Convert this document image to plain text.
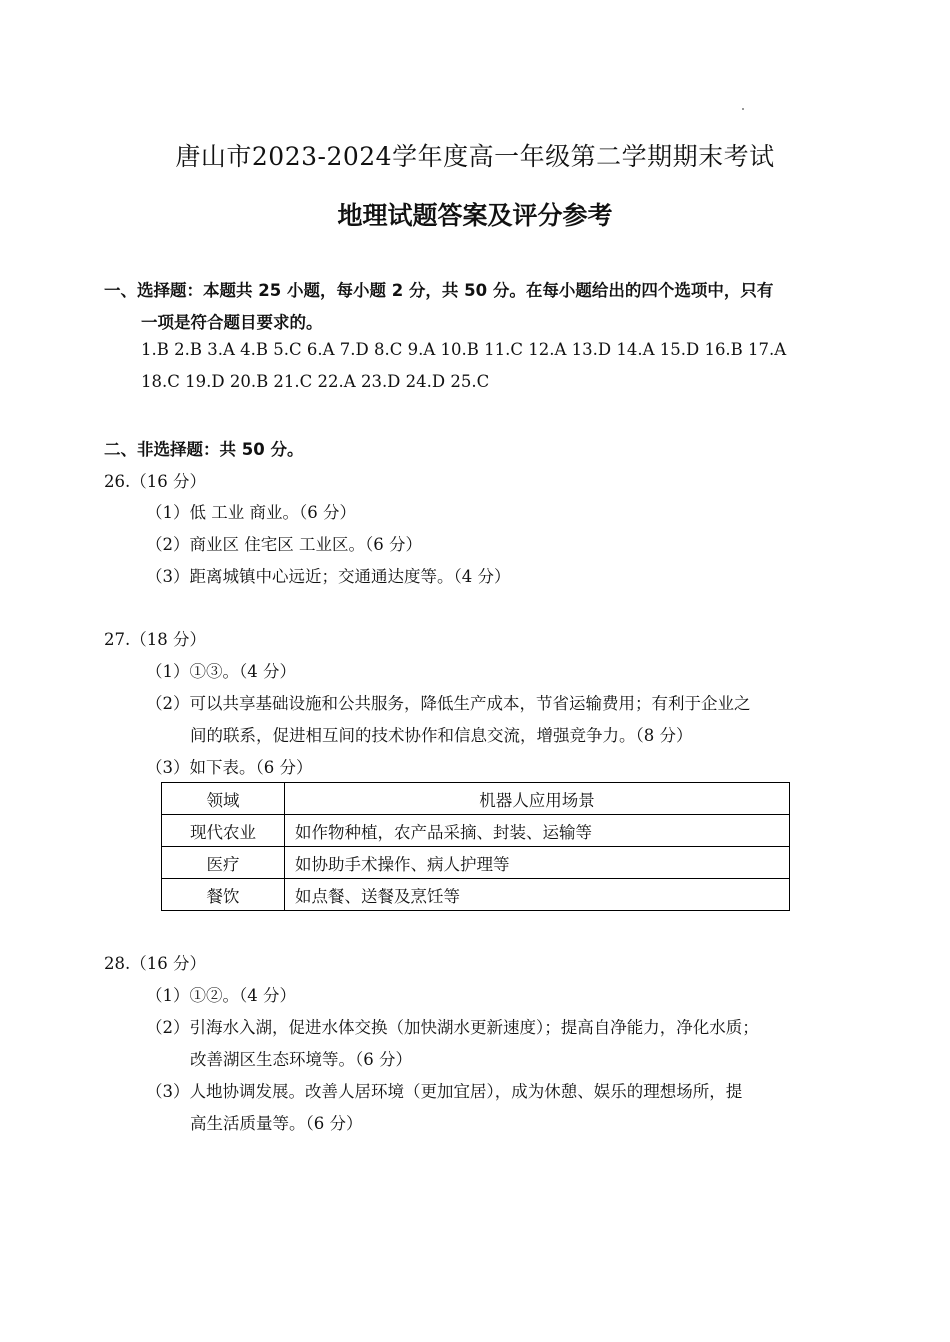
唐山市2023-2024学年度高一年级第二学期期末考试
地理试题答案及评分参考
一、选择题：本题共 25 小题，每小题 2 分，共 50 分。在每小题给出的四个选项中，只有
一项是符合题目要求的。
1.B 2.B 3.A 4.B 5.C 6.A 7.D 8.C 9.A 10.B 11.C 12.A 13.D 14.A 15.D 16.B 17.A
18.C 19.D 20.B 21.C 22.A 23.D 24.D 25.C
二、非选择题：共 50 分。
26.（16 分）
（1）低 工业 商业。（6 分）
（2）商业区 住宅区 工业区。（6 分）
（3）距离城镇中心远近；交通通达度等。（4 分）
27.（18 分）
（1）①③。（4 分）
（2）可以共享基础设施和公共服务，降低生产成本，节省运输费用；有利于企业之
间的联系，促进相互间的技术协作和信息交流，增强竞争力。（8 分）
（3）如下表。（6 分）
领域	机器人应用场景
现代农业	如作物种植，农产品采摘、封装、运输等
医疗	如协助手术操作、病人护理等
餐饮	如点餐、送餐及烹饪等
28.（16 分）
（1）①②。（4 分）
（2）引海水入湖，促进水体交换（加快湖水更新速度）；提高自净能力，净化水质；
改善湖区生态环境等。（6 分）
（3）人地协调发展。改善人居环境（更加宜居），成为休憩、娱乐的理想场所，提
高生活质量等。（6 分）
